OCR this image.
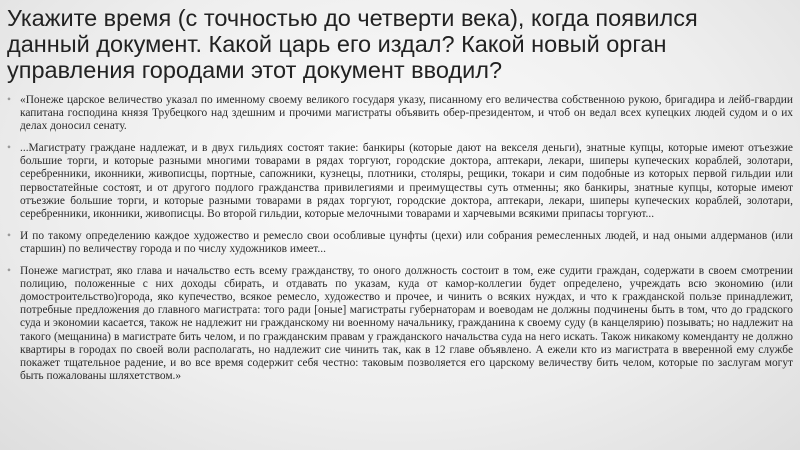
Укажите время (с точностью до четверти века), когда появился данный документ. Какой царь его издал? Какой новый орган управления городами этот документ вводил?
• «Понеже царское величество указал по именному своему великого государя указу, писанному его величества собственною рукою, бригадира и лейб-гвардии капитана господина князя Трубецкого над здешним и прочими магистраты объявить обер-президентом, и чтоб он ведал всех купецких людей судом и о их делах доносил сенату.
• ...Магистрату граждане надлежат, и в двух гильдиях состоят такие: банкиры (которые дают на векселя деньги), знатные купцы, которые имеют отъезжие большие торги, и которые разными многими товарами в рядах торгуют, городские доктора, аптекари, лекари, шиперы купеческих кораблей, золотари, серебренники, иконники, живописцы, портные, сапожники, кузнецы, плотники, столяры, рещики, токари и сим подобные из которых первой гильдии или первостатейные состоят, и от другого подлого гражданства привилегиями и преимуществы суть отменны; яко банкиры, знатные купцы, которые имеют отъезжие большие торги, и которые разными товарами в рядах торгуют, городские доктора, аптекари, лекари, шиперы купеческих кораблей, золотари, серебренники, иконники, живописцы. Во второй гильдии, которые мелочными товарами и харчевыми всякими припасы торгуют...
• И по такому определению каждое художество и ремесло свои особливые цунфты (цехи) или собрания ремесленных людей, и над оными алдерманов (или старшин) по величеству города и по числу художников имеет...
• Понеже магистрат, яко глава и начальство есть всему гражданству, то оного должность состоит в том, еже судити граждан, содержати в своем смотрении полицию, положенные с них доходы сбирать, и отдавать по указам, куда от камор-коллегии будет определено, учреждать всю экономию (или домостроительство)города, яко купечество, всякое ремесло, художество и прочее, и чинить о всяких нуждах, и что к гражданской пользе принадлежит, потребные предложения до главного магистрата: того ради [оные] магистраты губернаторам и воеводам не должны подчинены быть в том, что до градского суда и экономии касается, також не надлежит ни гражданскому ни военному начальнику, гражданина к своему суду (в канцелярию) позывать; но надлежит на такого (мещанина) в магистрате бить челом, и по гражданским правам у гражданского начальства суда на него искать. Також никакому коменданту не должно квартиры в городах по своей воли располагать, но надлежит сие чинить так, как в 12 главе объявлено. А ежели кто из магистрата в вверенной ему службе покажет тщательное радение, и во все время содержит себя честно: таковым позволяется его царскому величеству бить челом, которые по заслугам могут быть пожалованы шляхетством.»
